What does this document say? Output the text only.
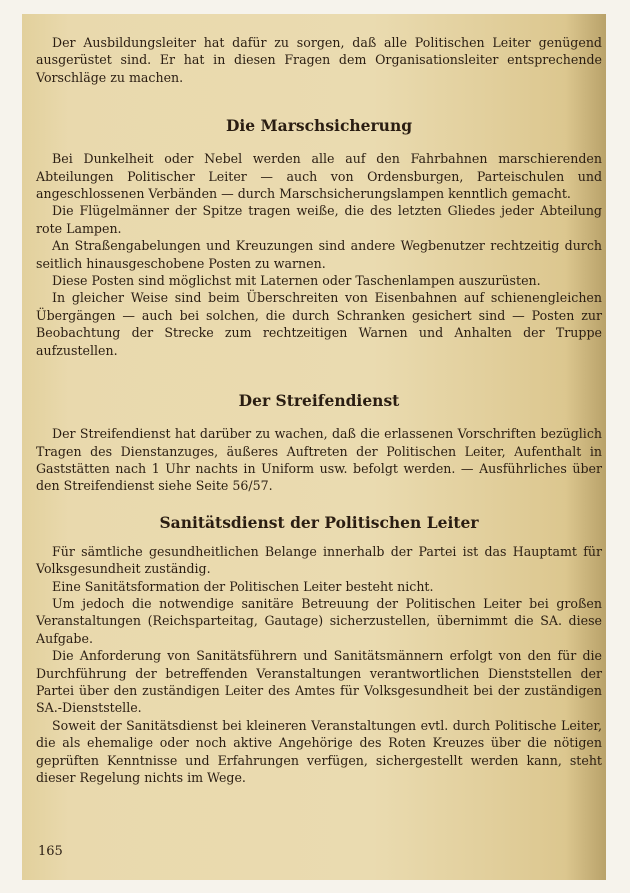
Der Ausbildungsleiter hat dafür zu sorgen, daß alle Politischen Leiter genügend ausgerüstet sind. Er hat in diesen Fragen dem Organisationsleiter entsprechende Vorschläge zu machen.

Die Marschsicherung

Bei Dunkelheit oder Nebel werden alle auf den Fahrbahnen marschierenden Abteilungen Politischer Leiter — auch von Ordensburgen, Parteischulen und angeschlossenen Verbänden — durch Marschsicherungslampen kenntlich gemacht.

Die Flügelmänner der Spitze tragen weiße, die des letzten Gliedes jeder Abteilung rote Lampen.

An Straßengabelungen und Kreuzungen sind andere Wegbenutzer rechtzeitig durch seitlich hinausgeschobene Posten zu warnen.

Diese Posten sind möglichst mit Laternen oder Taschenlampen auszurüsten.

In gleicher Weise sind beim Überschreiten von Eisenbahnen auf schienengleichen Übergängen — auch bei solchen, die durch Schranken gesichert sind — Posten zur Beobachtung der Strecke zum rechtzeitigen Warnen und Anhalten der Truppe aufzustellen.

Der Streifendienst

Der Streifendienst hat darüber zu wachen, daß die erlassenen Vorschriften bezüglich Tragen des Dienstanzuges, äußeres Auftreten der Politischen Leiter, Aufenthalt in Gaststätten nach 1 Uhr nachts in Uniform usw. befolgt werden. — Ausführliches über den Streifendienst siehe Seite 56/57.

Sanitätsdienst der Politischen Leiter

Für sämtliche gesundheitlichen Belange innerhalb der Partei ist das Hauptamt für Volksgesundheit zuständig.

Eine Sanitätsformation der Politischen Leiter besteht nicht.

Um jedoch die notwendige sanitäre Betreuung der Politischen Leiter bei großen Veranstaltungen (Reichsparteitag, Gautage) sicherzustellen, übernimmt die SA. diese Aufgabe.

Die Anforderung von Sanitätsführern und Sanitätsmännern erfolgt von den für die Durchführung der betreffenden Veranstaltungen verantwortlichen Dienststellen der Partei über den zuständigen Leiter des Amtes für Volksgesundheit bei der zuständigen SA.-Dienststelle.

Soweit der Sanitätsdienst bei kleineren Veranstaltungen evtl. durch Politische Leiter, die als ehemalige oder noch aktive Angehörige des Roten Kreuzes über die nötigen geprüften Kenntnisse und Erfahrungen verfügen, sichergestellt werden kann, steht dieser Regelung nichts im Wege.

165
